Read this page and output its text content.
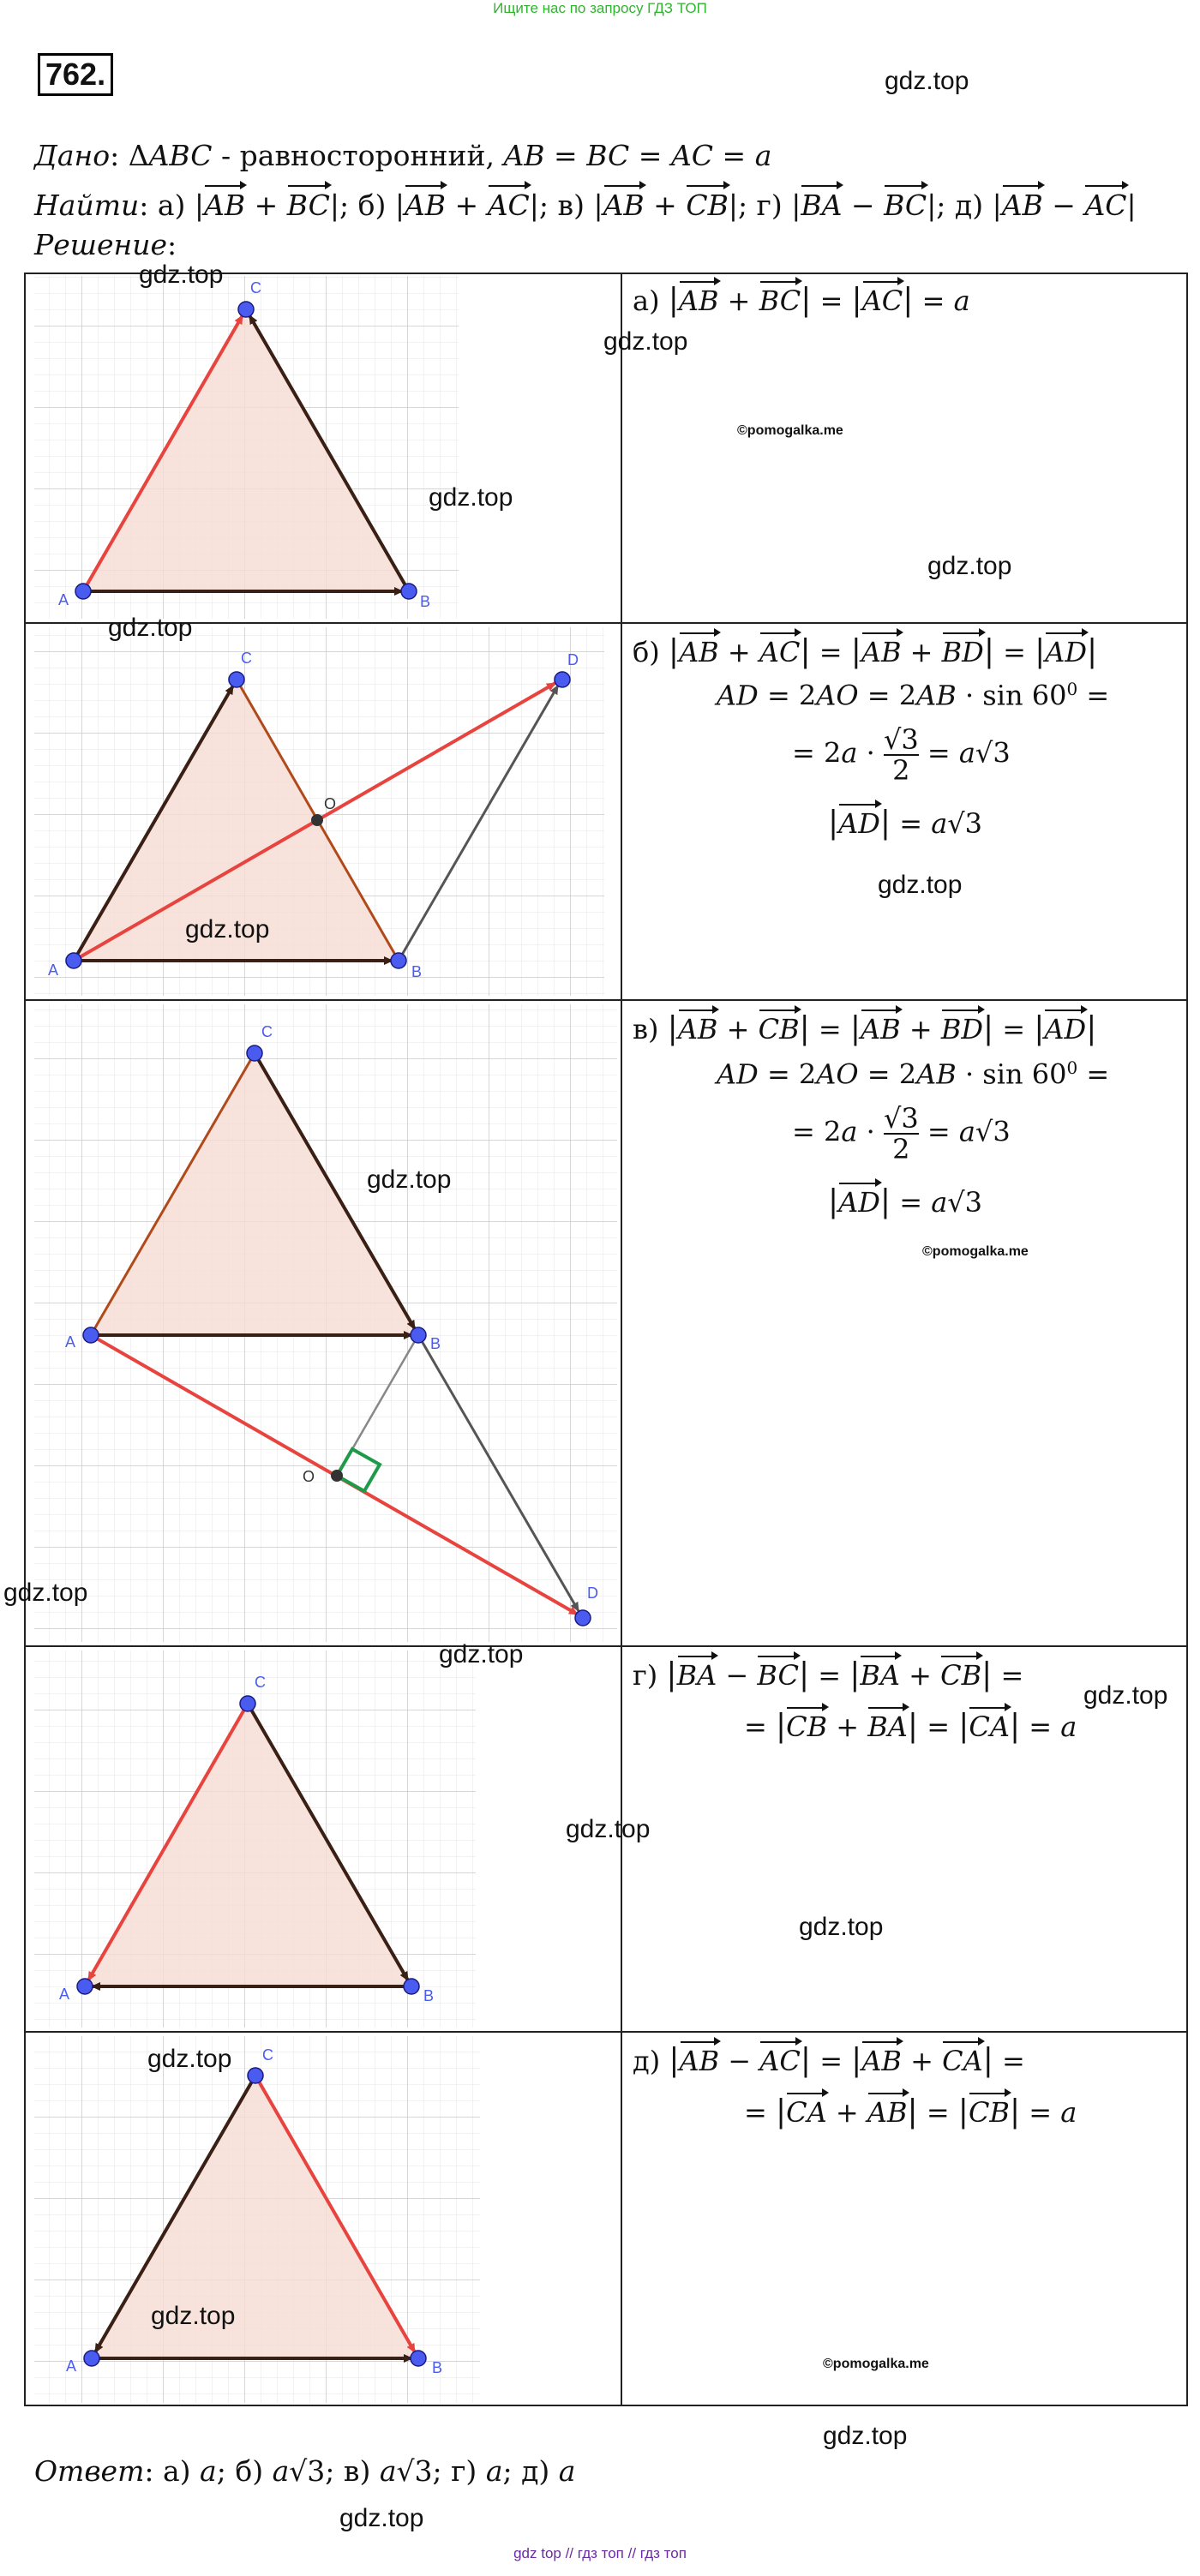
Ищите нас по запросу ГДЗ ТОП
762.	gdz.top
Дано: ΔABC - равносторонний, AB = BC = AC = a
Найти: а) |AB + BC|; б) |AB + AC|; в) |AB + CB|; г) |BA − BC|; д) |AB − AC|
Решение:
A	B
C
A	B
C	D
O
A	B
C
D
O
A	B
C
A	B
C
а) |AB + BC| = |AC| = a
б) |AB + AC| = |AB + BD| = |AD|
AD = $2AO = 2AB \cdot \sin 60^0$ =
= $2a \cdot \frac{√3}{2} = a√3$
|AD| = a√3
в) |AB + CB| = |AB + BD| = |AD|
AD = $2AO = 2AB \cdot \sin 60^0$ =
= $2a \cdot \frac{√3}{2} = a√3$
|AD| = a√3
г) |BA − BC| = |BA + CB| =
= |CB + BA| = |CA| = a
д) |AB − AC| = |AB + CA| =
= |CA + AB| = |CB| = a
gdz.top
gdz.top
gdz.top
gdz.top
gdz.top
gdz.top
gdz.top
gdz.top
gdz.top
gdz.top
gdz.top
gdz.top
gdz.top
gdz.top
gdz.top
gdz.top
gdz.top
©pomogalka.me
©pomogalka.me
©pomogalka.me
Ответ: а) a; б) a√3; в) a√3; г) a; д) a
gdz top // гдз топ // гдз топ
